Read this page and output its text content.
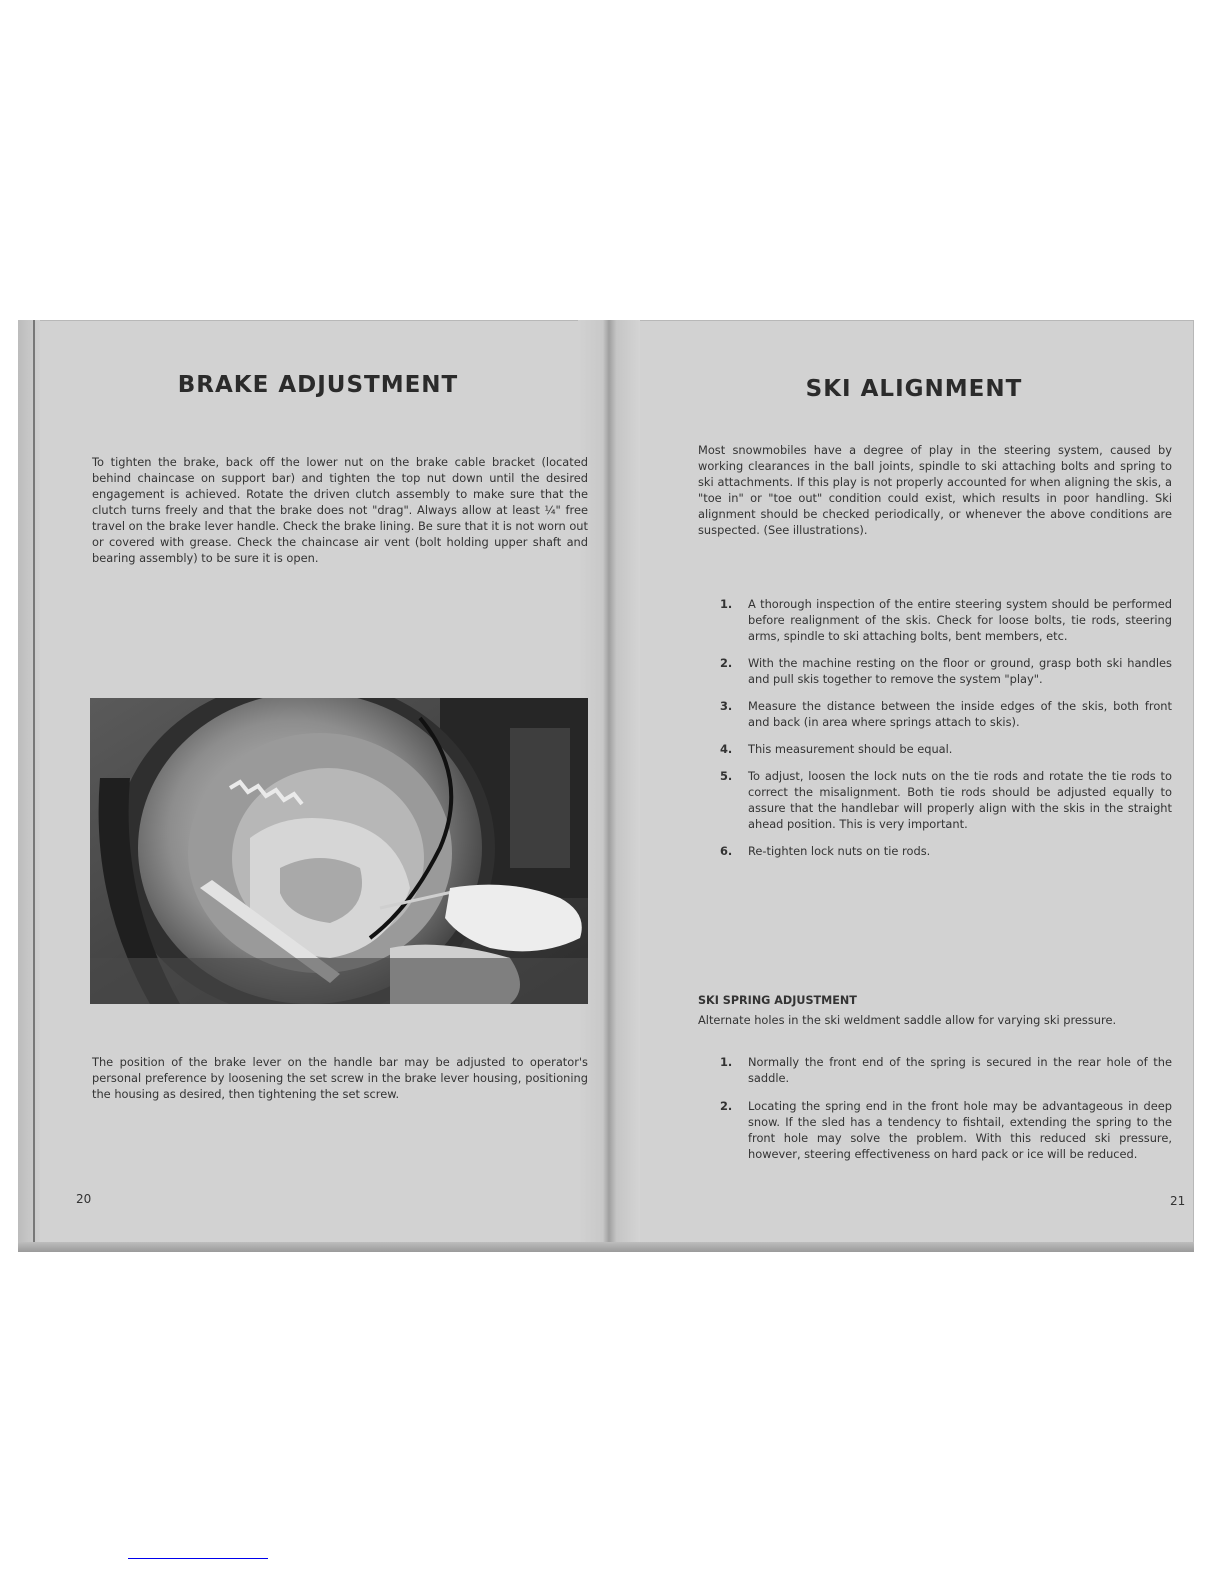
BRAKE ADJUSTMENT

To tighten the brake, back off the lower nut on the brake cable bracket (located behind chaincase on support bar) and tighten the top nut down until the desired engagement is achieved. Rotate the driven clutch assembly to make sure that the clutch turns freely and that the brake does not "drag". Always allow at least ¼" free travel on the brake lever handle. Check the brake lining. Be sure that it is not worn out or covered with grease. Check the chaincase air vent (bolt holding upper shaft and bearing assembly) to be sure it is open.

The position of the brake lever on the handle bar may be adjusted to operator's personal preference by loosening the set screw in the brake lever housing, positioning the housing as desired, then tightening the set screw.

20
SKI ALIGNMENT

Most snowmobiles have a degree of play in the steering system, caused by working clearances in the ball joints, spindle to ski attaching bolts and spring to ski attachments. If this play is not properly accounted for when aligning the skis, a "toe in" or "toe out" condition could exist, which results in poor handling. Ski alignment should be checked periodically, or whenever the above conditions are suspected. (See illustrations).

1. A thorough inspection of the entire steering system should be performed before realignment of the skis. Check for loose bolts, tie rods, steering arms, spindle to ski attaching bolts, bent members, etc.
2. With the machine resting on the floor or ground, grasp both ski handles and pull skis together to remove the system "play".
3. Measure the distance between the inside edges of the skis, both front and back (in area where springs attach to skis).
4. This measurement should be equal.
5. To adjust, loosen the lock nuts on the tie rods and rotate the tie rods to correct the misalignment. Both tie rods should be adjusted equally to assure that the handlebar will properly align with the skis in the straight ahead position. This is very important.
6. Re-tighten lock nuts on tie rods.
SKI SPRING ADJUSTMENT

Alternate holes in the ski weldment saddle allow for varying ski pressure.

1. Normally the front end of the spring is secured in the rear hole of the saddle.
2. Locating the spring end in the front hole may be advantageous in deep snow. If the sled has a tendency to fishtail, extending the spring to the front hole may solve the problem. With this reduced ski pressure, however, steering effectiveness on hard pack or ice will be reduced.
21
